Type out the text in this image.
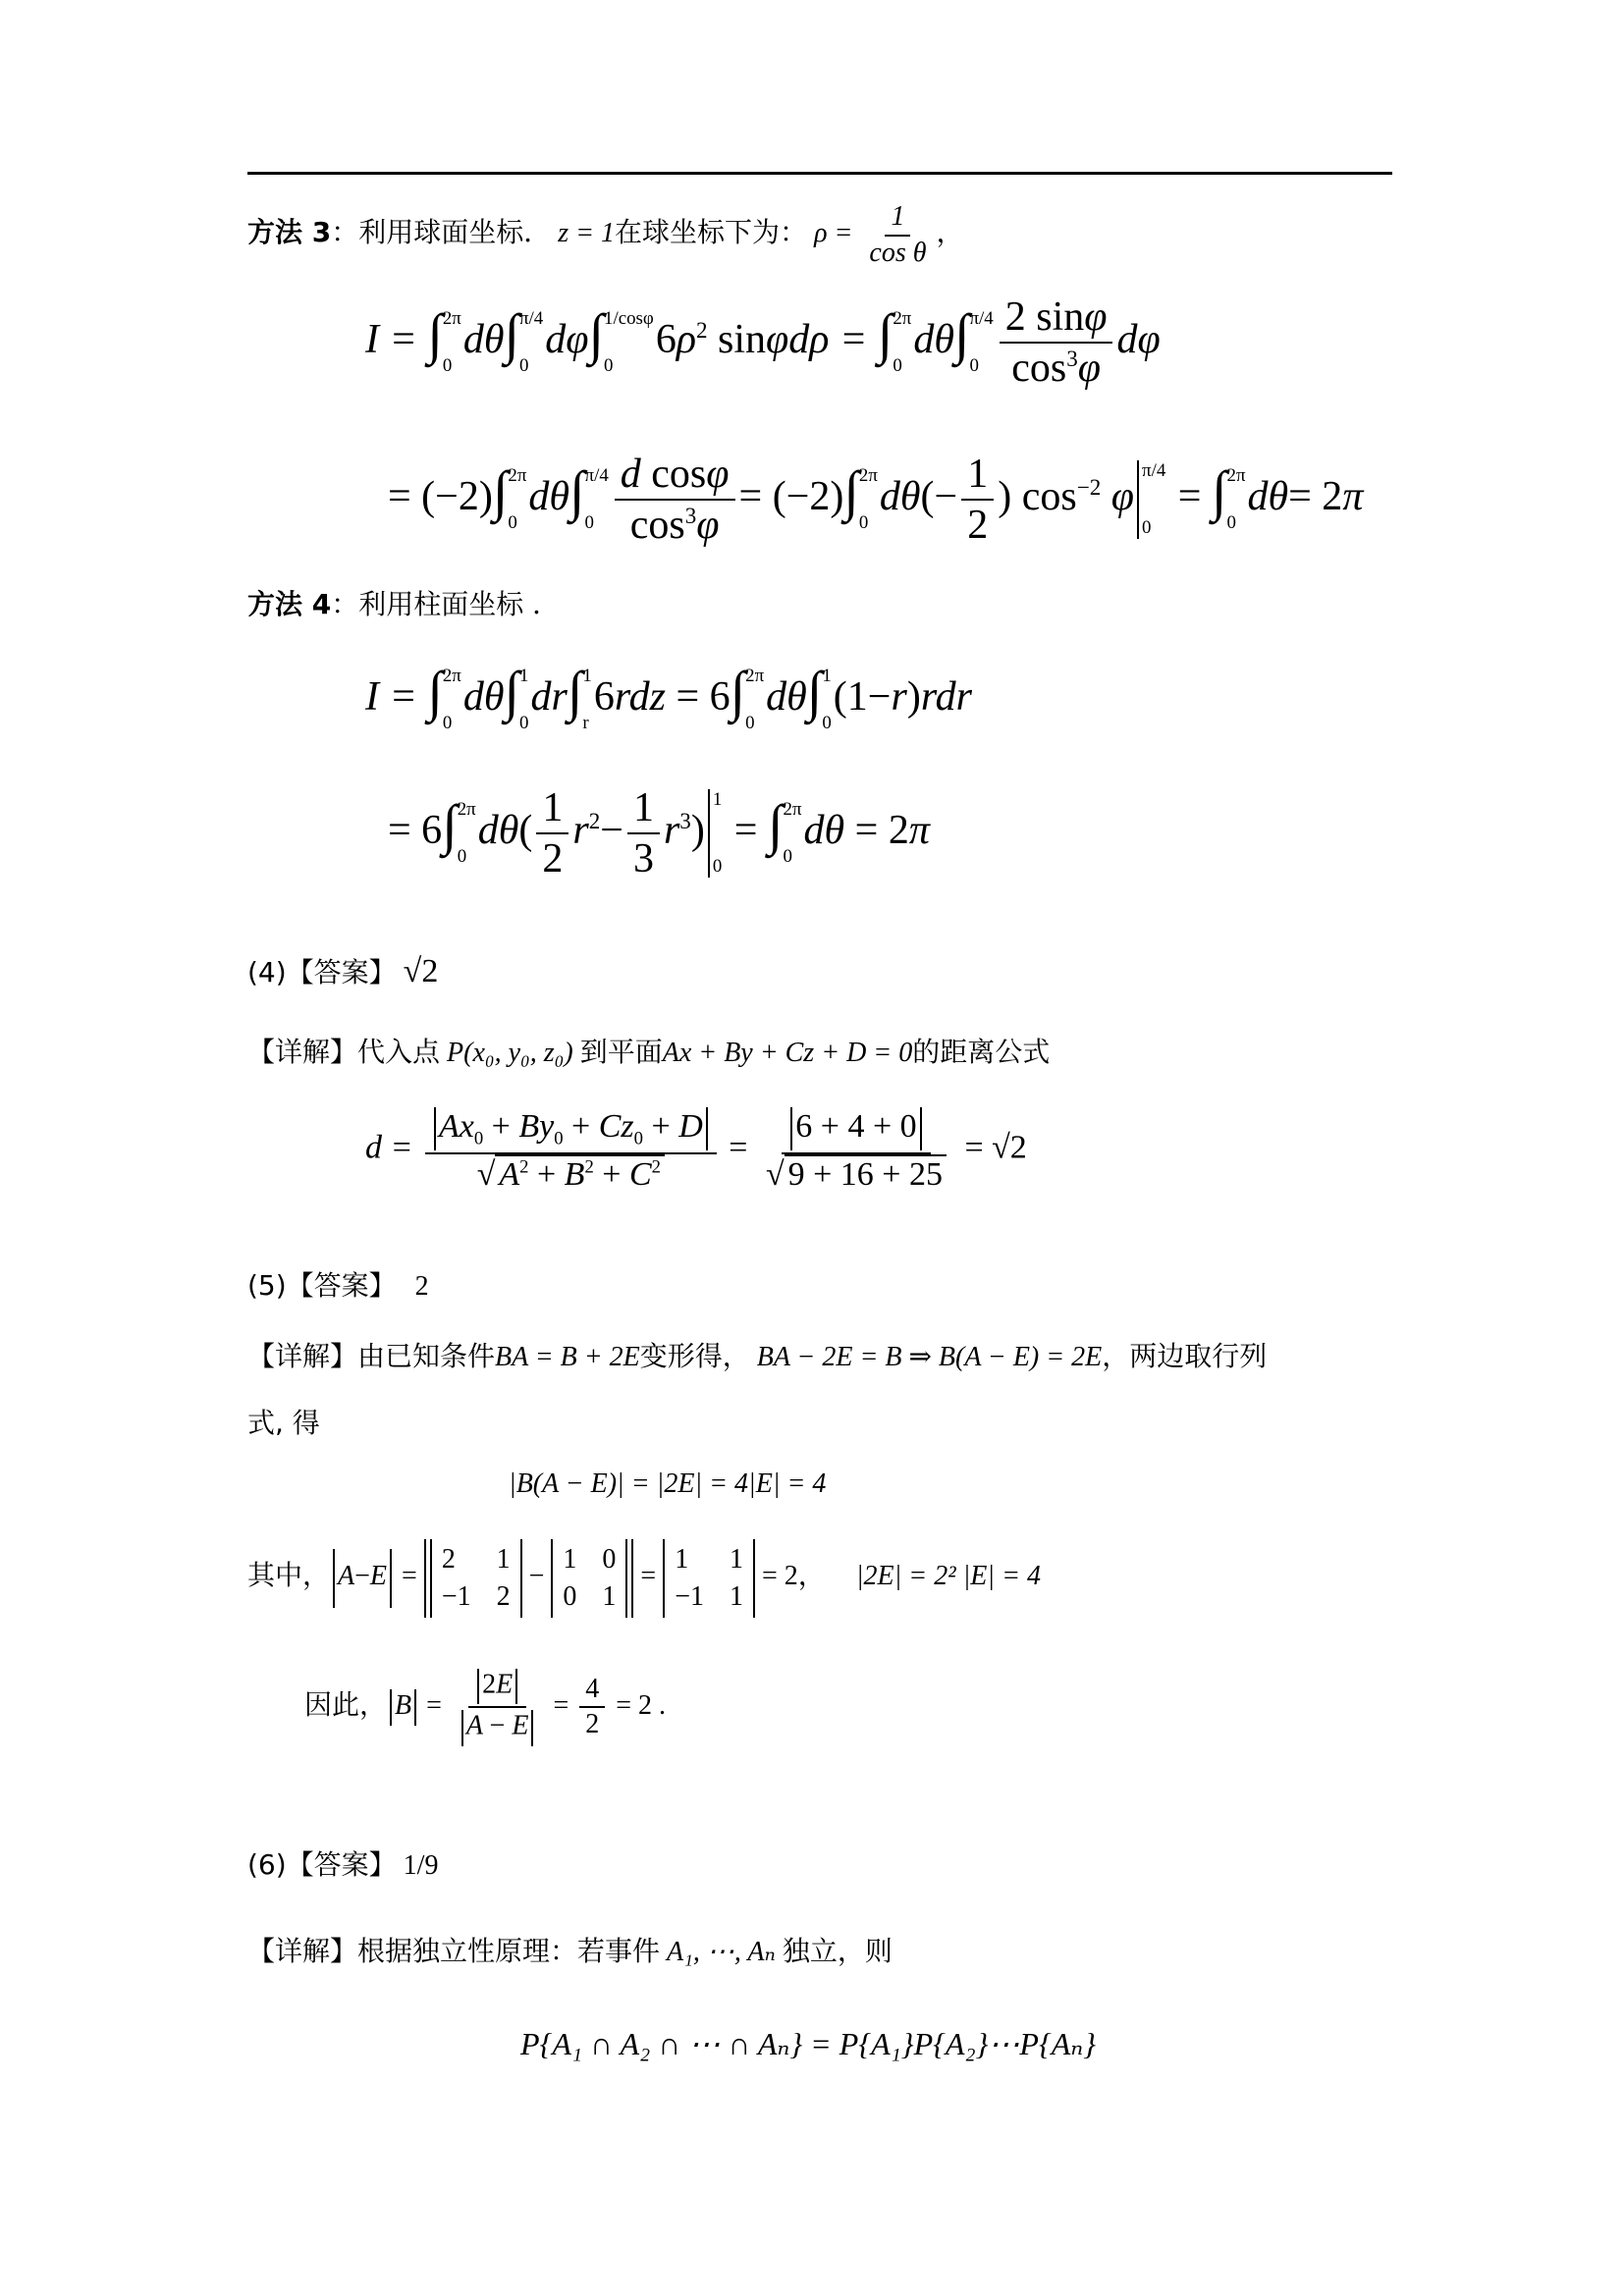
方法 3：利用球面坐标． z = 1在球坐标下为： $\rho = \frac{1}{\text{cos θ}}$ ，
I = ∫ 2π
0
dθ∫ π/4
0
dφ∫ 1/cosφ
0
$6\rho^2$ sinφdρ = ∫ 2π
0
dθ∫ π/4
$0 \frac{2 \sin\varphi}{\cos^3\varphi}$ dφ
= (−2)∫ 2π
0
dθ∫ π/4
$0 \frac{\text{d cosφ}}{\cos^3\varphi} = (-2)\int$ 2π
0
$d\theta(- \frac{1}{2}$ ) $\cos^{-2} \varphi$
π/4
0
= ∫ 2π
0
dθ= 2π
方法 4：利用柱面坐标 ．
I = ∫ 2π
0
dθ∫ 1
0
dr∫ 1
r
6rdz = 6∫ 2π
0
dθ∫ 1
0
(1−r)rdr
= 6∫ 2π
0
$d\theta( \frac{1}{2} r^2- \frac{1}{3} r^3)$
1
0
= ∫ 2π
0
dθ = 2π
(4)【答案】 √2
【详解】代入点 P(x₀, y₀, z₀) 到平面Ax + By + Cz + D = 0的距离公式
$d = \frac{Ax_0 + By_0 + Cz_0 + D}{√ A^2 + B^2 + C^2} = \frac{6 + 4 + 0}{√ 9 + 16 + 25} = √2$
(5)【答案】 2
【详解】由已知条件BA = B + 2E变形得， BA − 2E = B ⇒ B(A − E) = 2E，两边取行列
式, 得
|B(A − E)| = |2E| = 4|E| = 4
其中， A−E =
2	1
−1 2
−
1 0
0 1
=
1	1
−1 1
= 2， |2E| = 2² |E| = 4
因此， $B = \frac{2E}{A - E} = \frac{4}{2} = 2$ .
(6)【答案】 1/9
【详解】根据独立性原理：若事件 A₁, ⋯, Aₙ 独立，则
P{A₁ ∩ A₂ ∩ ⋯ ∩ Aₙ} = P{A₁}P{A₂}⋯P{Aₙ}
